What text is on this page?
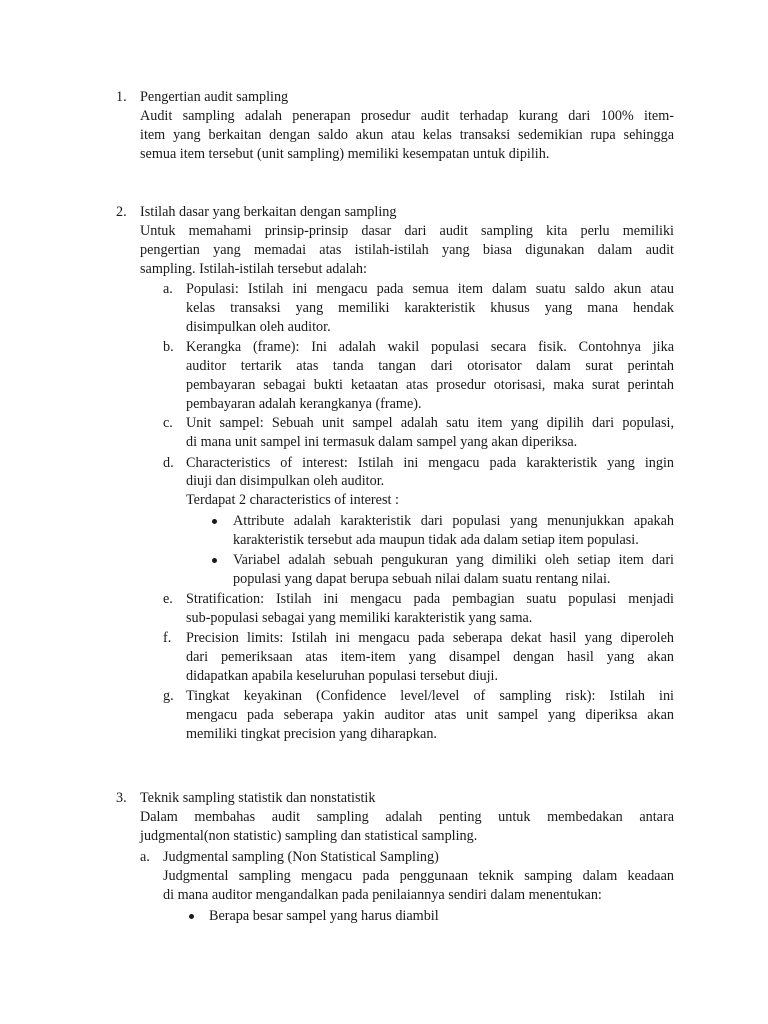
1. Pengertian audit sampling
Audit sampling adalah penerapan prosedur audit terhadap kurang dari 100% item-
item yang berkaitan dengan saldo akun atau kelas transaksi sedemikian rupa sehingga
semua item tersebut (unit sampling) memiliki kesempatan untuk dipilih.
2. Istilah dasar yang berkaitan dengan sampling
Untuk memahami prinsip-prinsip dasar dari audit sampling kita perlu memiliki
pengertian yang memadai atas istilah-istilah yang biasa digunakan dalam audit
sampling. Istilah-istilah tersebut adalah:
a. Populasi: Istilah ini mengacu pada semua item dalam suatu saldo akun atau
kelas transaksi yang memiliki karakteristik khusus yang mana hendak
disimpulkan oleh auditor.
b. Kerangka (frame): Ini adalah wakil populasi secara fisik. Contohnya jika
auditor tertarik atas tanda tangan dari otorisator dalam surat perintah
pembayaran sebagai bukti ketaatan atas prosedur otorisasi, maka surat perintah
pembayaran adalah kerangkanya (frame).
c. Unit sampel: Sebuah unit sampel adalah satu item yang dipilih dari populasi,
di mana unit sampel ini termasuk dalam sampel yang akan diperiksa.
d. Characteristics of interest: Istilah ini mengacu pada karakteristik yang ingin
diuji dan disimpulkan oleh auditor.
Terdapat 2 characteristics of interest :
Attribute adalah karakteristik dari populasi yang menunjukkan apakah
karakteristik tersebut ada maupun tidak ada dalam setiap item populasi.
Variabel adalah sebuah pengukuran yang dimiliki oleh setiap item dari
populasi yang dapat berupa sebuah nilai dalam suatu rentang nilai.
e. Stratification: Istilah ini mengacu pada pembagian suatu populasi menjadi
sub-populasi sebagai yang memiliki karakteristik yang sama.
f. Precision limits: Istilah ini mengacu pada seberapa dekat hasil yang diperoleh
dari pemeriksaan atas item-item yang disampel dengan hasil yang akan
didapatkan apabila keseluruhan populasi tersebut diuji.
g. Tingkat keyakinan (Confidence level/level of sampling risk): Istilah ini
mengacu pada seberapa yakin auditor atas unit sampel yang diperiksa akan
memiliki tingkat precision yang diharapkan.
3. Teknik sampling statistik dan nonstatistik
Dalam membahas audit sampling adalah penting untuk membedakan antara
judgmental(non statistic) sampling dan statistical sampling.
a. Judgmental sampling (Non Statistical Sampling)
Judgmental sampling mengacu pada penggunaan teknik samping dalam keadaan
di mana auditor mengandalkan pada penilaiannya sendiri dalam menentukan:
Berapa besar sampel yang harus diambil
